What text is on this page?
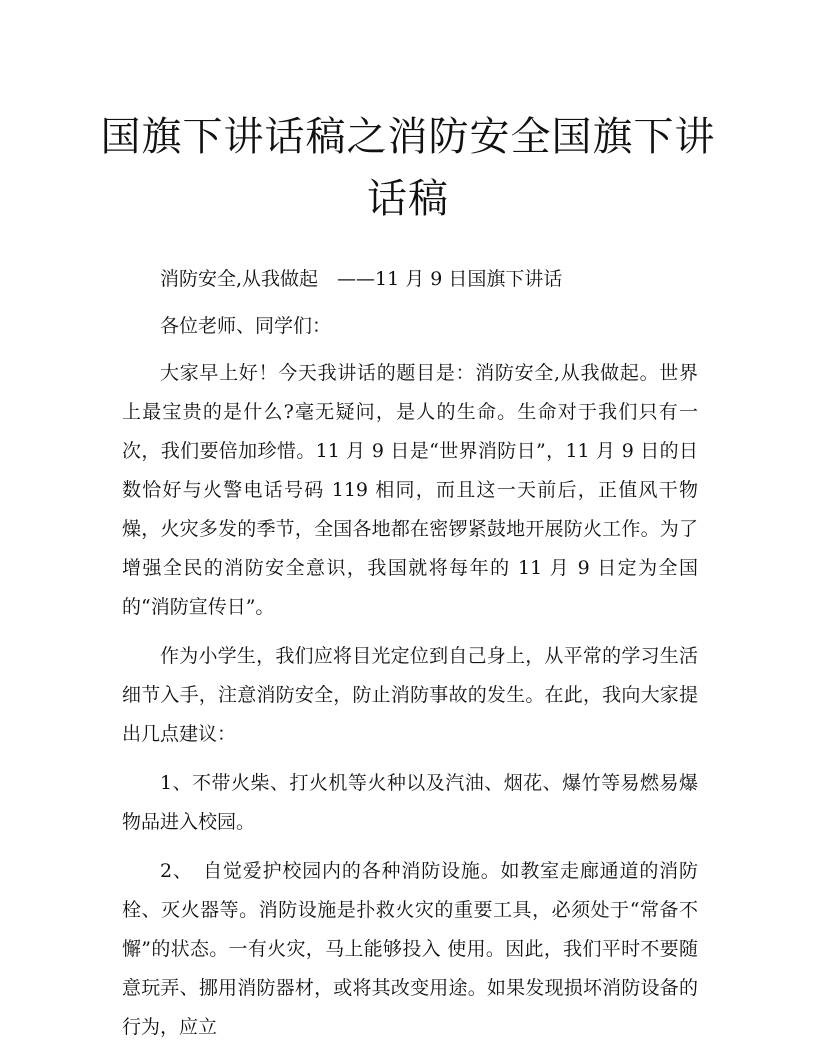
国旗下讲话稿之消防安全国旗下讲话稿

消防安全,从我做起　——11 月 9 日国旗下讲话

各位老师、同学们：

大家早上好！今天我讲话的题目是：消防安全,从我做起。世界上最宝贵的是什么?毫无疑问，是人的生命。生命对于我们只有一次，我们要倍加珍惜。11 月 9 日是“世界消防日”，11 月 9 日的日数恰好与火警电话号码 119 相同，而且这一天前后，正值风干物燥，火灾多发的季节，全国各地都在密锣紧鼓地开展防火工作。为了增强全民的消防安全意识，我国就将每年的 11 月 9 日定为全国的“消防宣传日”。

作为小学生，我们应将目光定位到自己身上，从平常的学习生活细节入手，注意消防安全，防止消防事故的发生。在此，我向大家提出几点建议：

1、不带火柴、打火机等火种以及汽油、烟花、爆竹等易燃易爆物品进入校园。

2、　自觉爱护校园内的各种消防设施。如教室走廊通道的消防栓、灭火器等。消防设施是扑救火灾的重要工具，必须处于“常备不懈”的状态。一有火灾，马上能够投入 使用。因此，我们平时不要随意玩弄、挪用消防器材，或将其改变用途。如果发现损坏消防设备的行为，应立
